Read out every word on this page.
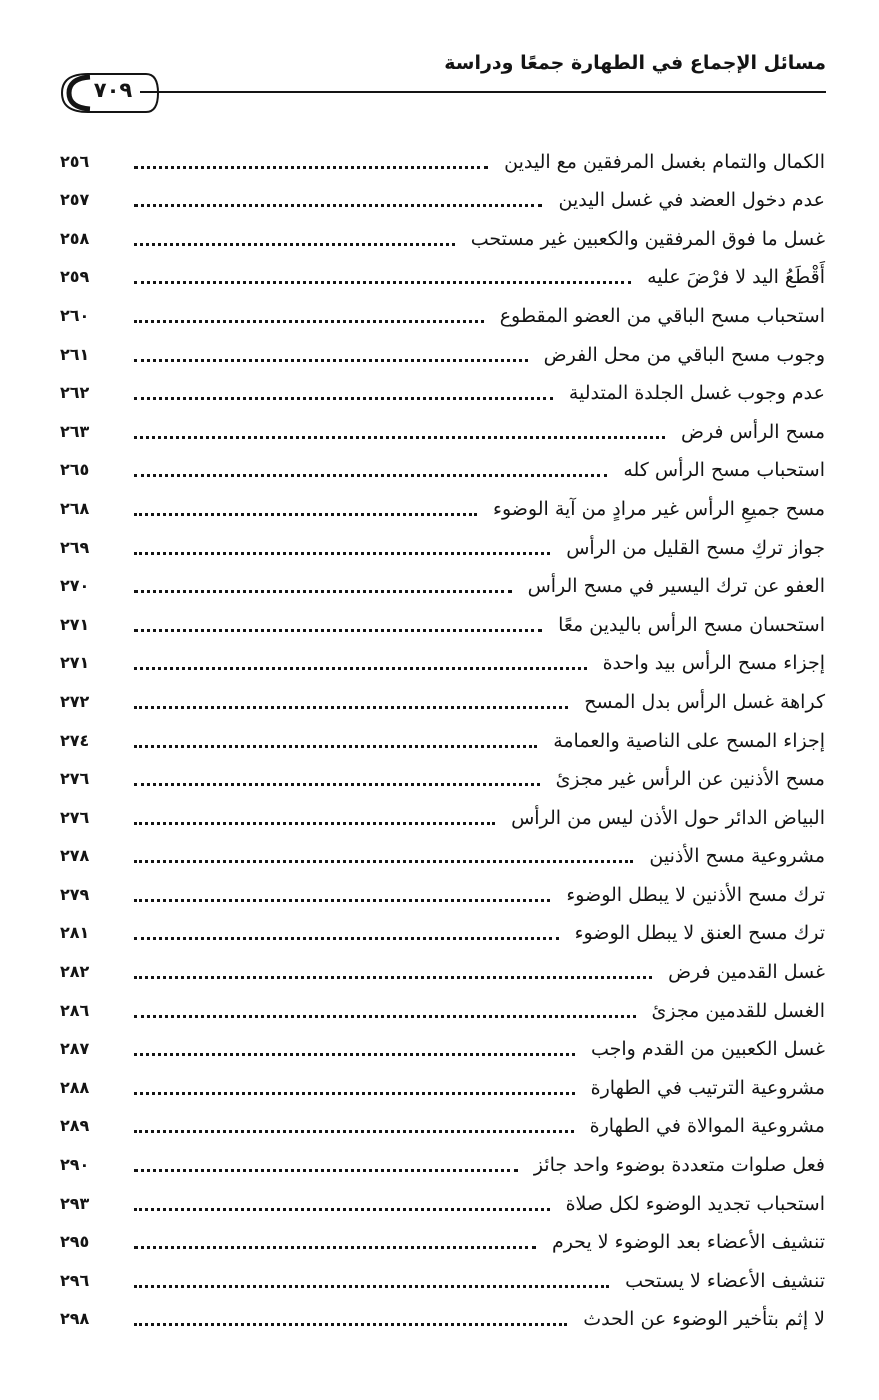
مسائل الإجماع في الطهارة جمعًا ودراسة
٧٠٩
الكمال والتمام بغسل المرفقين مع اليدين
٢٥٦
عدم دخول العضد في غسل اليدين
٢٥٧
غسل ما فوق المرفقين والكعبين غير مستحب
٢٥٨
أَقْطَعُ اليد لا فرْضَ عليه
٢٥٩
استحباب مسح الباقي من العضو المقطوع
٢٦٠
وجوب مسح الباقي من محل الفرض
٢٦١
عدم وجوب غسل الجلدة المتدلية
٢٦٢
مسح الرأس فرض
٢٦٣
استحباب مسح الرأس كله
٢٦٥
مسح جميعِ الرأس غير مرادٍ من آية الوضوء
٢٦٨
جواز تركِ مسح القليل من الرأس
٢٦٩
العفو عن ترك اليسير في مسح الرأس
٢٧٠
استحسان مسح الرأس باليدين معًا
٢٧١
إجزاء مسح الرأس بيد واحدة
٢٧١
كراهة غسل الرأس بدل المسح
٢٧٢
إجزاء المسح على الناصية والعمامة
٢٧٤
مسح الأذنين عن الرأس غير مجزئ
٢٧٦
البياض الدائر حول الأذن ليس من الرأس
٢٧٦
مشروعية مسح الأذنين
٢٧٨
ترك مسح الأذنين لا يبطل الوضوء
٢٧٩
ترك مسح العنق لا يبطل الوضوء
٢٨١
غسل القدمين فرض
٢٨٢
الغسل للقدمين مجزئ
٢٨٦
غسل الكعبين من القدم واجب
٢٨٧
مشروعية الترتيب في الطهارة
٢٨٨
مشروعية الموالاة في الطهارة
٢٨٩
فعل صلوات متعددة بوضوء واحد جائز
٢٩٠
استحباب تجديد الوضوء لكل صلاة
٢٩٣
تنشيف الأعضاء بعد الوضوء لا يحرم
٢٩٥
تنشيف الأعضاء لا يستحب
٢٩٦
لا إثم بتأخير الوضوء عن الحدث
٢٩٨
